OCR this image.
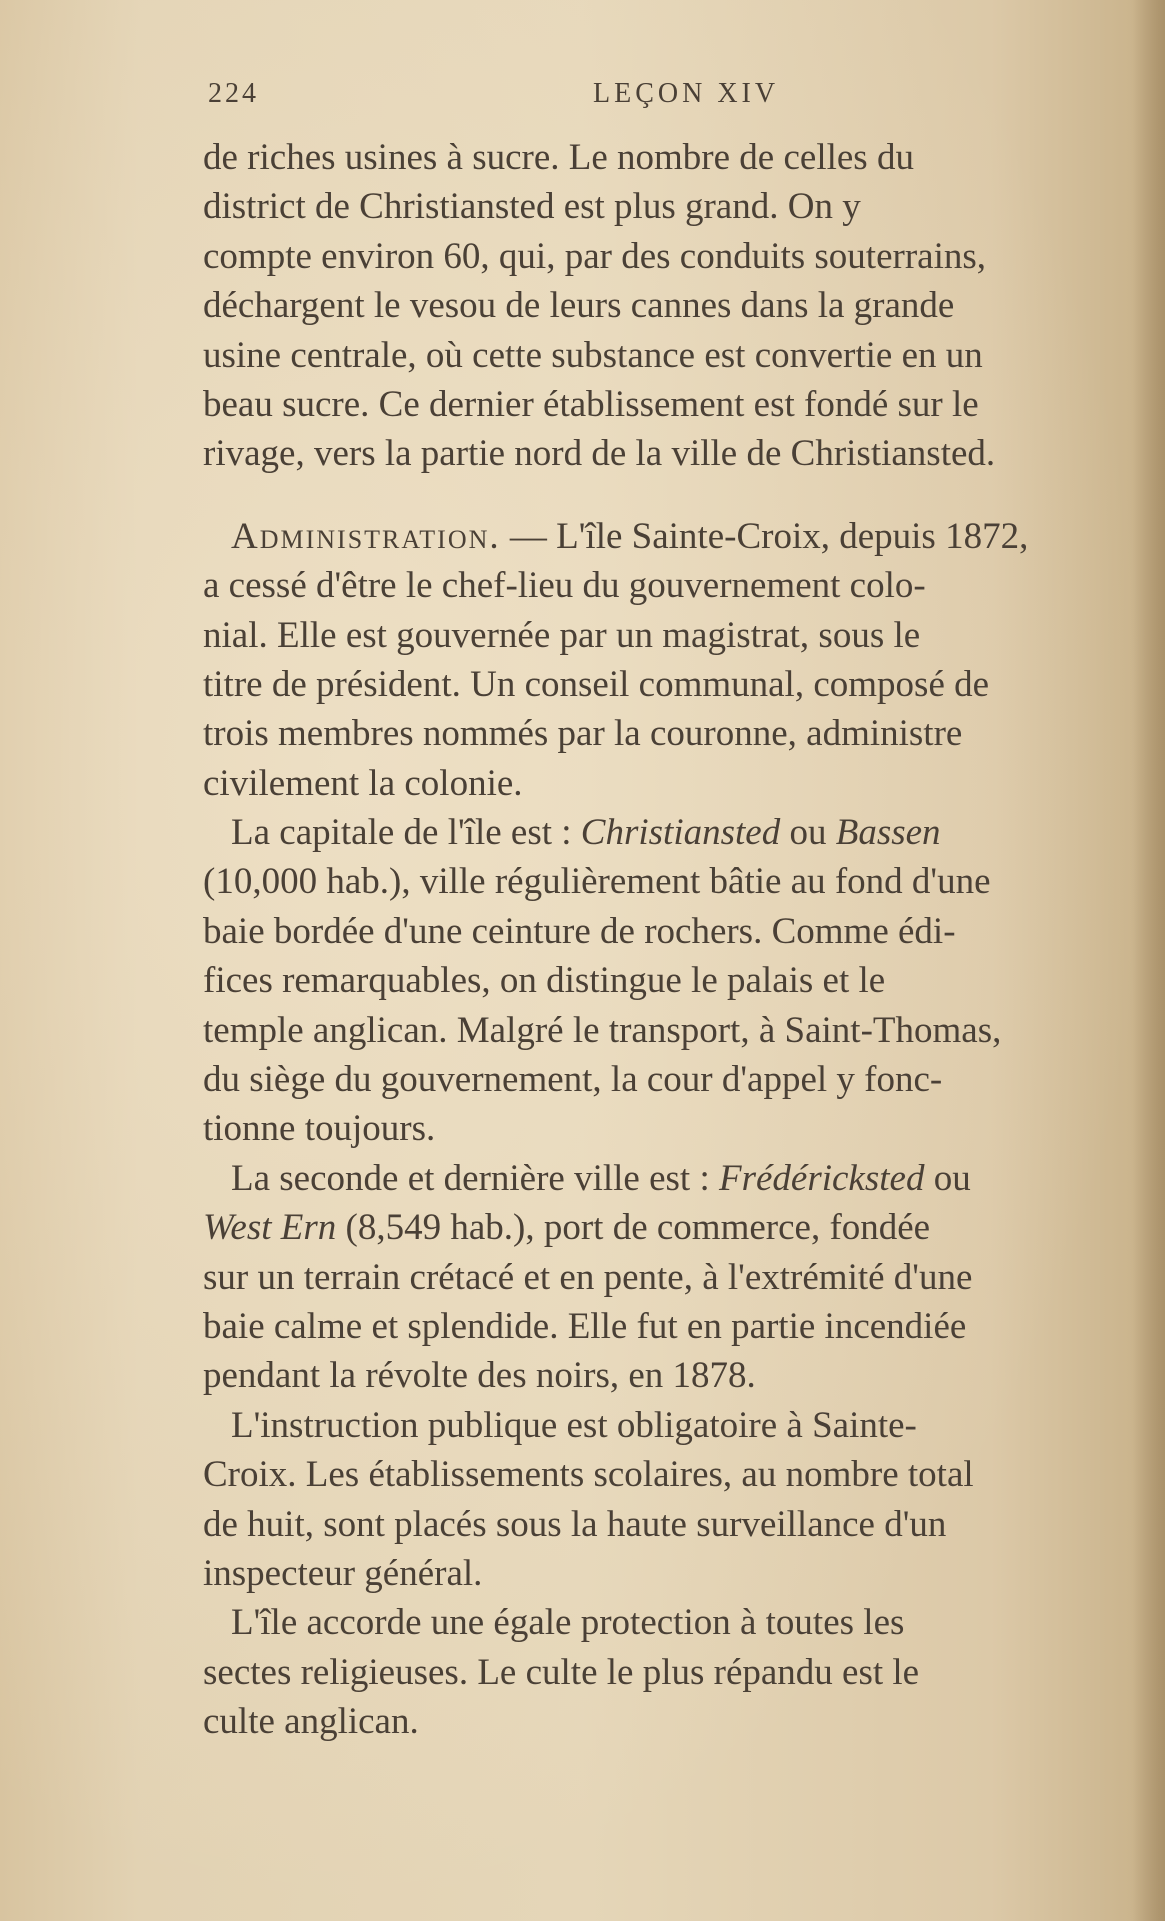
224	LEÇON XIV
de riches usines à sucre. Le nombre de celles du
district de Christiansted est plus grand. On y
compte environ 60, qui, par des conduits souterrains,
déchargent le vesou de leurs cannes dans la grande
usine centrale, où cette substance est convertie en un
beau sucre. Ce dernier établissement est fondé sur le
rivage, vers la partie nord de la ville de Christiansted.
Administration. — L'île Sainte-Croix, depuis 1872,
a cessé d'être le chef-lieu du gouvernement colo-
nial. Elle est gouvernée par un magistrat, sous le
titre de président. Un conseil communal, composé de
trois membres nommés par la couronne, administre
civilement la colonie.
La capitale de l'île est : Christiansted ou Bassen
(10,000 hab.), ville régulièrement bâtie au fond d'une
baie bordée d'une ceinture de rochers. Comme édi-
fices remarquables, on distingue le palais et le
temple anglican. Malgré le transport, à Saint-Thomas,
du siège du gouvernement, la cour d'appel y fonc-
tionne toujours.
La seconde et dernière ville est : Frédéricksted ou
West Ern (8,549 hab.), port de commerce, fondée
sur un terrain crétacé et en pente, à l'extrémité d'une
baie calme et splendide. Elle fut en partie incendiée
pendant la révolte des noirs, en 1878.
L'instruction publique est obligatoire à Sainte-
Croix. Les établissements scolaires, au nombre total
de huit, sont placés sous la haute surveillance d'un
inspecteur général.
L'île accorde une égale protection à toutes les
sectes religieuses. Le culte le plus répandu est le
culte anglican.
